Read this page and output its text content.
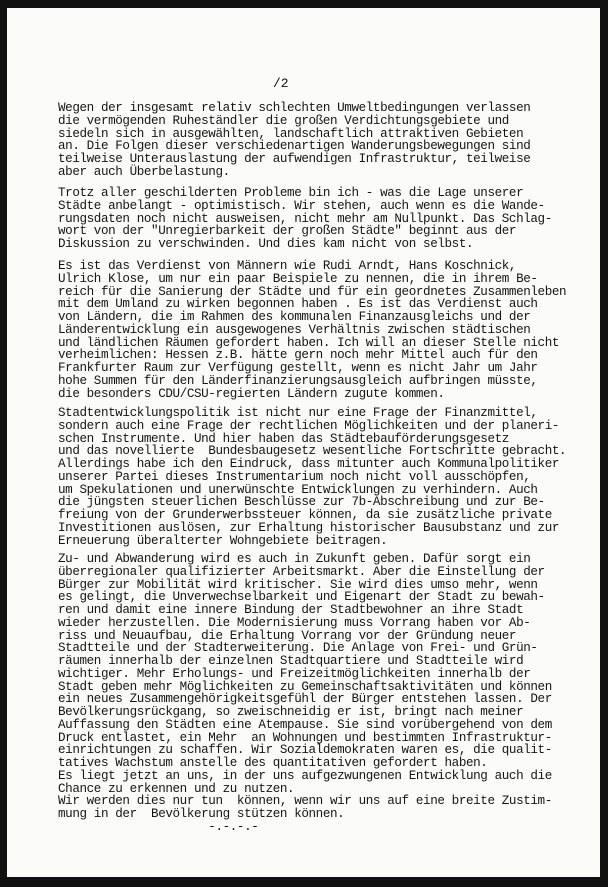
/2
Wegen der insgesamt relativ schlechten Umweltbedingungen verlassen
die vermögenden Ruheständler die großen Verdichtungsgebiete und
siedeln sich in ausgewählten, landschaftlich attraktiven Gebieten
an. Die Folgen dieser verschiedenartigen Wanderungsbewegungen sind
teilweise Unterauslastung der aufwendigen Infrastruktur, teilweise
aber auch Überbelastung.
Trotz aller geschilderten Probleme bin ich - was die Lage unserer
Städte anbelangt - optimistisch. Wir stehen, auch wenn es die Wande-
rungsdaten noch nicht ausweisen, nicht mehr am Nullpunkt. Das Schlag-
wort von der "Unregierbarkeit der großen Städte" beginnt aus der
Diskussion zu verschwinden. Und dies kam nicht von selbst.
Es ist das Verdienst von Männern wie Rudi Arndt, Hans Koschnick,
Ulrich Klose, um nur ein paar Beispiele zu nennen, die in ihrem Be-
reich für die Sanierung der Städte und für ein geordnetes Zusammenleben
mit dem Umland zu wirken begonnen haben . Es ist das Verdienst auch
von Ländern, die im Rahmen des kommunalen Finanzausgleichs und der
Länderentwicklung ein ausgewogenes Verhältnis zwischen städtischen
und ländlichen Räumen gefordert haben. Ich will an dieser Stelle nicht
verheimlichen: Hessen z.B. hätte gern noch mehr Mittel auch für den
Frankfurter Raum zur Verfügung gestellt, wenn es nicht Jahr um Jahr
hohe Summen für den Länderfinanzierungsausgleich aufbringen müsste,
die besonders CDU/CSU-regierten Ländern zugute kommen.
Stadtentwicklungspolitik ist nicht nur eine Frage der Finanzmittel,
sondern auch eine Frage der rechtlichen Möglichkeiten und der planeri-
schen Instrumente. Und hier haben das Städtebauförderungsgesetz
und das novellierte  Bundesbaugesetz wesentliche Fortschritte gebracht.
Allerdings habe ich den Eindruck, dass mitunter auch Kommunalpolitiker
unserer Partei dieses Instrumentarium noch nicht voll ausschöpfen,
um Spekulationen und unerwünschte Entwicklungen zu verhindern. Auch
die jüngsten steuerlichen Beschlüsse zur 7b-Abschreibung und zur Be-
freiung von der Grunderwerbssteuer können, da sie zusätzliche private
Investitionen auslösen, zur Erhaltung historischer Bausubstanz und zur
Erneuerung überalterter Wohngebiete beitragen.
Zu- und Abwanderung wird es auch in Zukunft geben. Dafür sorgt ein
überregionaler qualifizierter Arbeitsmarkt. Aber die Einstellung der
Bürger zur Mobilität wird kritischer. Sie wird dies umso mehr, wenn
es gelingt, die Unverwechselbarkeit und Eigenart der Stadt zu bewah-
ren und damit eine innere Bindung der Stadtbewohner an ihre Stadt
wieder herzustellen. Die Modernisierung muss Vorrang haben vor Ab-
riss und Neuaufbau, die Erhaltung Vorrang vor der Gründung neuer
Stadtteile und der Stadterweiterung. Die Anlage von Frei- und Grün-
räumen innerhalb der einzelnen Stadtquartiere und Stadtteile wird
wichtiger. Mehr Erholungs- und Freizeitmöglichkeiten innerhalb der
Stadt geben mehr Möglichkeiten zu Gemeinschaftsaktivitäten und können
ein neues Zusammengehörigkeitsgefühl der Bürger entstehen lassen. Der
Bevölkerungsrückgang, so zweischneidig er ist, bringt nach meiner
Auffassung den Städten eine Atempause. Sie sind vorübergehend von dem
Druck entlastet, ein Mehr  an Wohnungen und bestimmten Infrastruktur-
einrichtungen zu schaffen. Wir Sozialdemokraten waren es, die qualit-
tatives Wachstum anstelle des quantitativen gefordert haben.
Es liegt jetzt an uns, in der uns aufgezwungenen Entwicklung auch die
Chance zu erkennen und zu nutzen.
Wir werden dies nur tun  können, wenn wir uns auf eine breite Zustim-
mung in der  Bevölkerung stützen können.
-.-.-.-
